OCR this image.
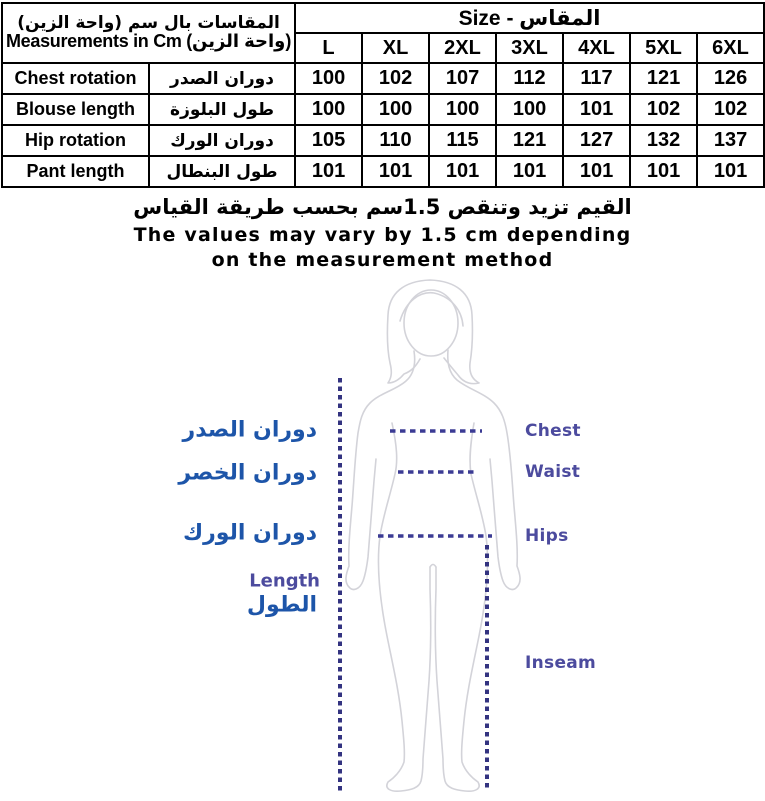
المقاسات بال سم (واحة الزين)
Measurements in Cm (واحة الزين)		Size - المقاس						
		L	XL	2XL	3XL	4XL	5XL	6XL
Chest rotation	دوران الصدر	100	102	107	112	117	121	126
Blouse length	طول البلوزة	100	100	100	100	101	102	102
Hip rotation	دوران الورك	105	110	115	121	127	132	137
Pant length	طول البنطال	101	101	101	101	101	101	101
القيم تزيد وتنقص 1.5سم بحسب طريقة القياس
The values may vary by 1.5 cm depending
on the measurement method
دوران الصدر
دوران الخصر
دوران الورك
Length
الطول
Chest
Waist
Hips
Inseam
